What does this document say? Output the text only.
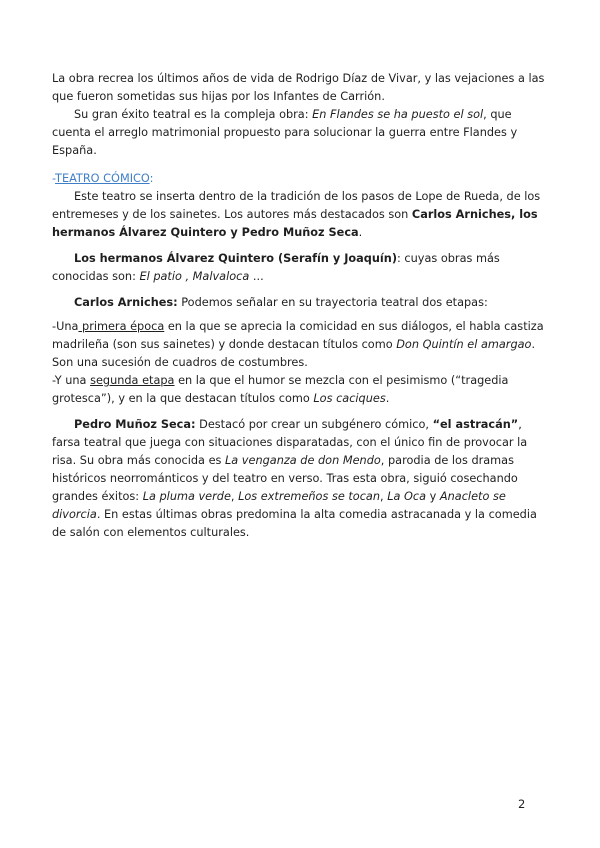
La obra recrea los últimos años de vida de Rodrigo Díaz de Vivar, y las vejaciones a las que fueron sometidas sus hijas por los Infantes de Carrión.

Su gran éxito teatral es la compleja obra: En Flandes se ha puesto el sol, que cuenta el arreglo matrimonial propuesto para solucionar la guerra entre Flandes y España.

-TEATRO CÓMICO:

Este teatro se inserta dentro de la tradición de los pasos de Lope de Rueda, de los entremeses y de los sainetes. Los autores más destacados son Carlos Arniches, los hermanos Álvarez Quintero y Pedro Muñoz Seca.

Los hermanos Álvarez Quintero (Serafín y Joaquín): cuyas obras más conocidas son: El patio , Malvaloca ...

Carlos Arniches: Podemos señalar en su trayectoria teatral dos etapas:

-Una primera época en la que se aprecia la comicidad en sus diálogos, el habla castiza madrileña (son sus sainetes) y donde destacan títulos como Don Quintín el amargao. Son una sucesión de cuadros de costumbres.

-Y una segunda etapa en la que el humor se mezcla con el pesimismo (“tragedia grotesca”), y en la que destacan títulos como Los caciques.

Pedro Muñoz Seca: Destacó por crear un subgénero cómico, “el astracán”, farsa teatral que juega con situaciones disparatadas, con el único fin de provocar la risa. Su obra más conocida es La venganza de don Mendo, parodia de los dramas históricos neorrománticos y del teatro en verso. Tras esta obra, siguió cosechando grandes éxitos: La pluma verde, Los extremeños se tocan, La Oca y Anacleto se divorcia. En estas últimas obras predomina la alta comedia astracanada y la comedia de salón con elementos culturales.

2
